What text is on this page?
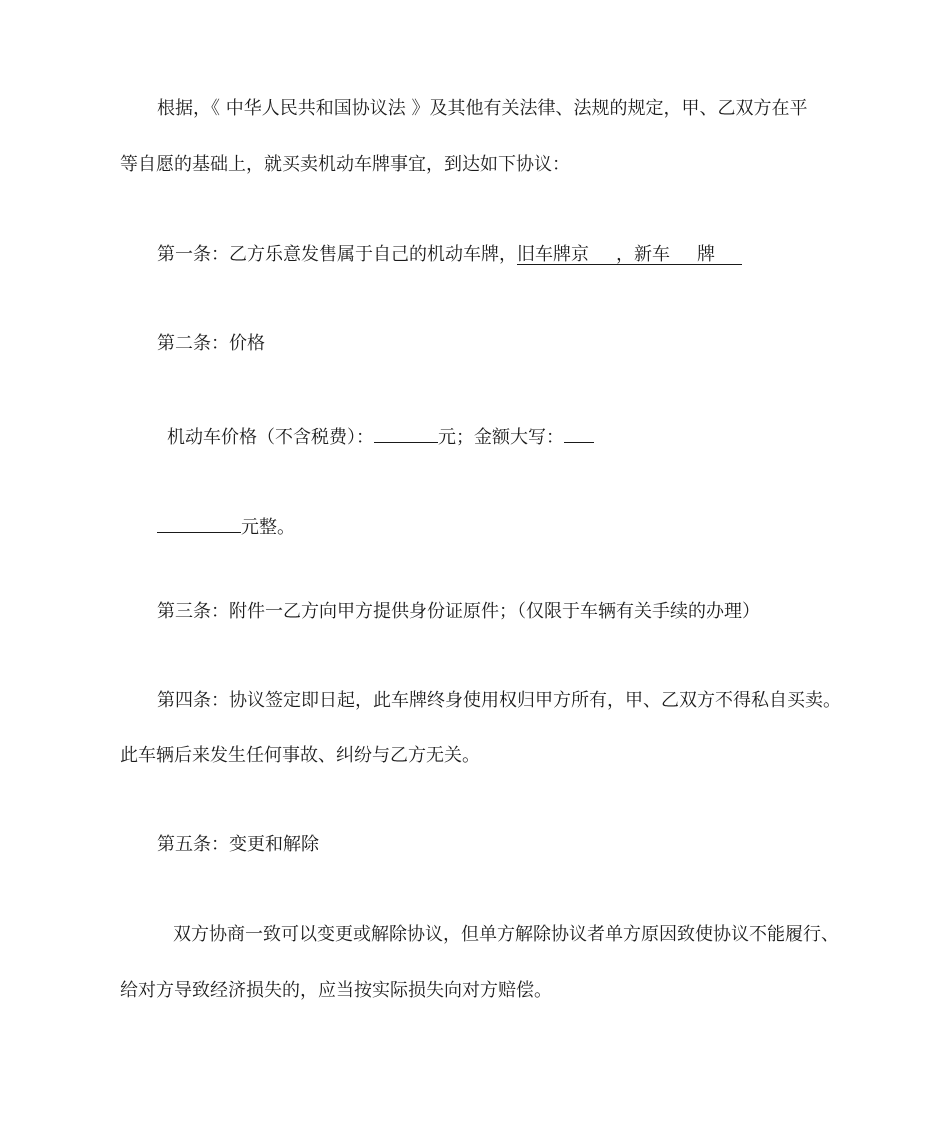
根据，《 中华人民共和国协议法 》及其他有关法律、法规的规定，甲、乙双方在平
等自愿的基础上，就买卖机动车牌事宜，到达如下协议：
第一条：乙方乐意发售属于自己的机动车牌，旧车牌京   ，新车   牌  
第二条：价格
机动车价格（不含税费）：	元；金额大写：
元整。
第三条：附件一乙方向甲方提供身份证原件；（仅限于车辆有关手续的办理）
第四条：协议签定即日起，此车牌终身使用权归甲方所有，甲、乙双方不得私自买卖。
此车辆后来发生任何事故、纠纷与乙方无关。
第五条：变更和解除
双方协商一致可以变更或解除协议，但单方解除协议者单方原因致使协议不能履行、
给对方导致经济损失的，应当按实际损失向对方赔偿。
